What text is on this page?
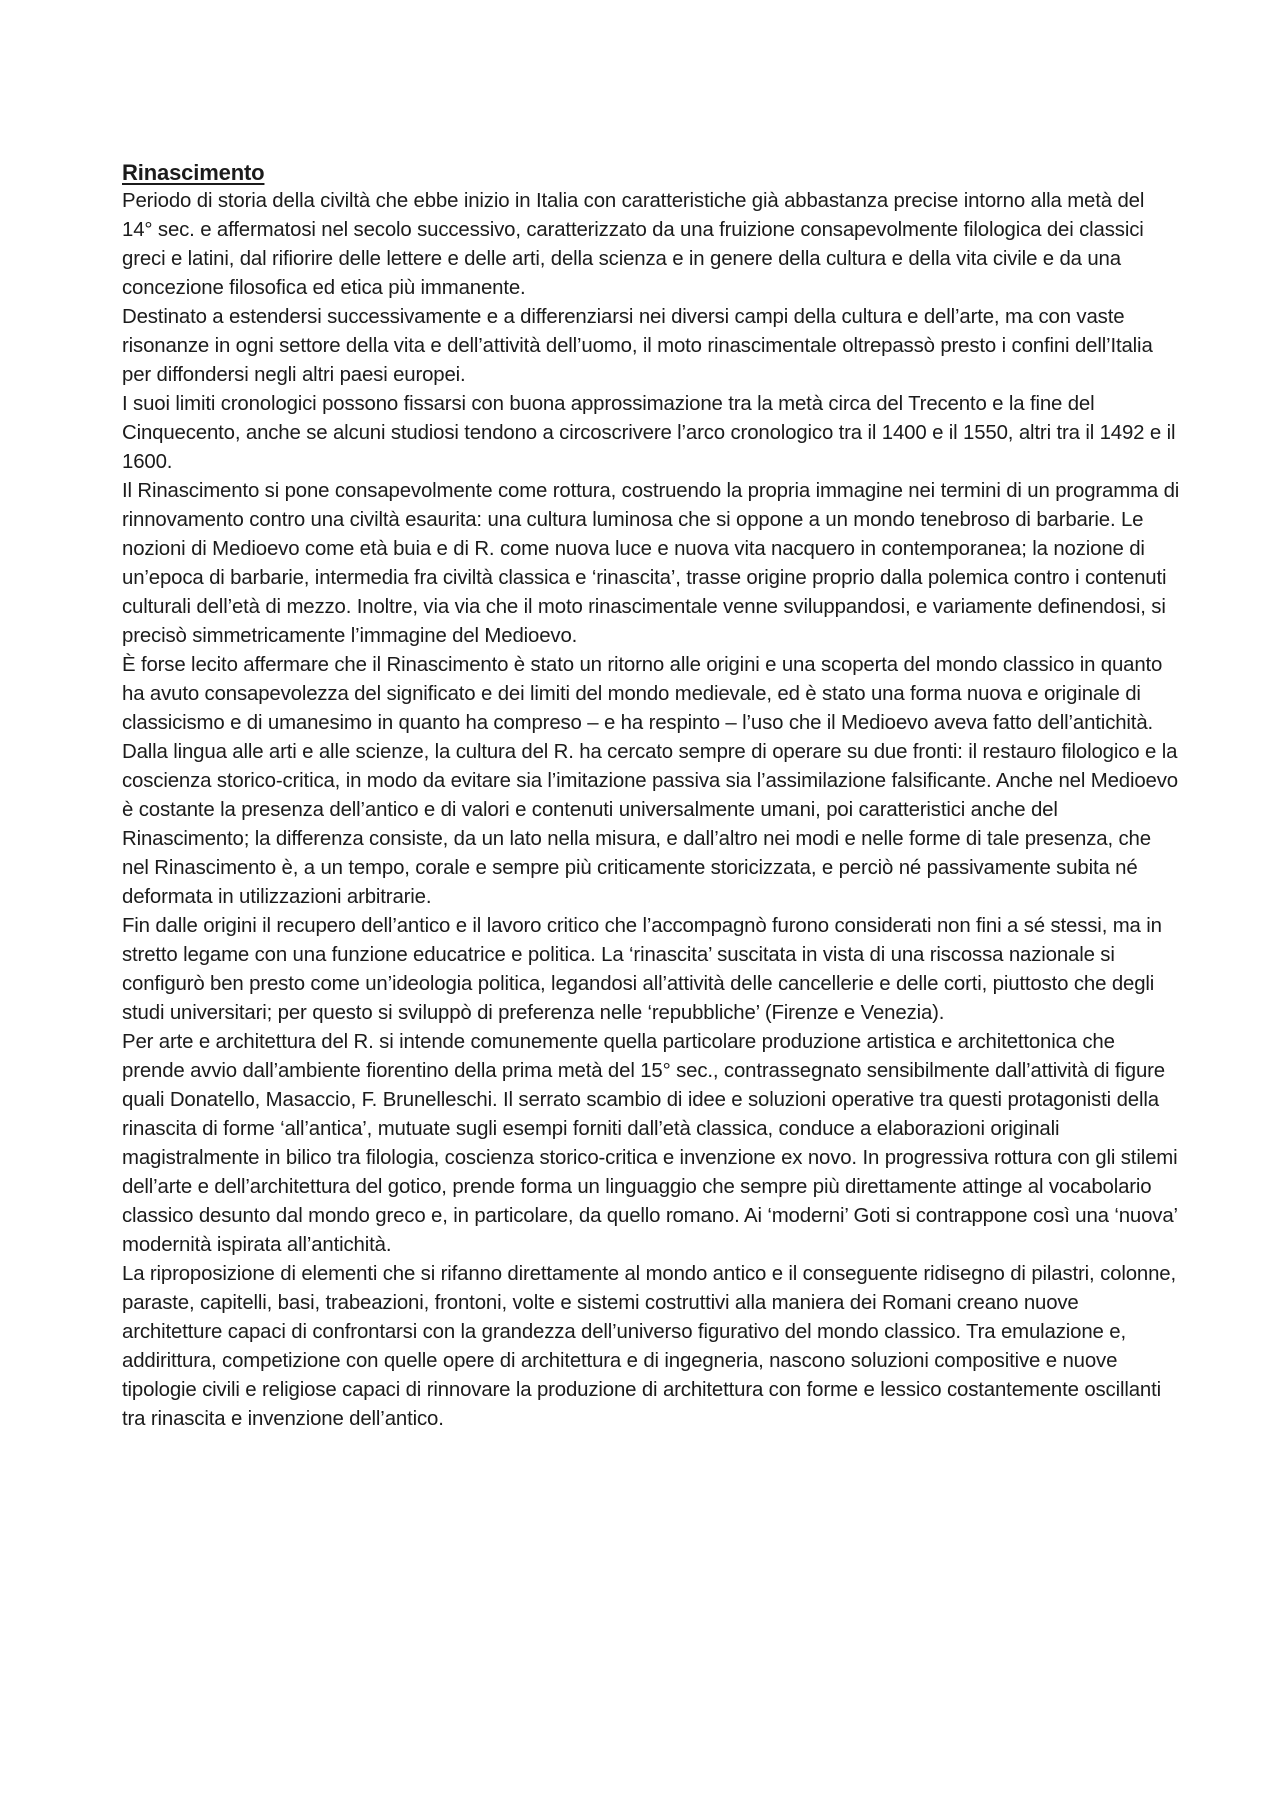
Rinascimento

Periodo di storia della civiltà che ebbe inizio in Italia con caratteristiche già abbastanza precise intorno alla metà del 14° sec. e affermatosi nel secolo successivo, caratterizzato da una fruizione consapevolmente filologica dei classici greci e latini, dal rifiorire delle lettere e delle arti, della scienza e in genere della cultura e della vita civile e da una concezione filosofica ed etica più immanente.

Destinato a estendersi successivamente e a differenziarsi nei diversi campi della cultura e dell’arte, ma con vaste risonanze in ogni settore della vita e dell’attività dell’uomo, il moto rinascimentale oltrepassò presto i confini dell’Italia per diffondersi negli altri paesi europei.

I suoi limiti cronologici possono fissarsi con buona approssimazione tra la metà circa del Trecento e la fine del Cinquecento, anche se alcuni studiosi tendono a circoscrivere l’arco cronologico tra il 1400 e il 1550, altri tra il 1492 e il 1600.

Il Rinascimento si pone consapevolmente come rottura, costruendo la propria immagine nei termini di un programma di rinnovamento contro una civiltà esaurita: una cultura luminosa che si oppone a un mondo tenebroso di barbarie. Le nozioni di Medioevo come età buia e di R. come nuova luce e nuova vita nacquero in contemporanea; la nozione di un’epoca di barbarie, intermedia fra civiltà classica e ‘rinascita’, trasse origine proprio dalla polemica contro i contenuti culturali dell’età di mezzo. Inoltre, via via che il moto rinascimentale venne sviluppandosi, e variamente definendosi, si precisò simmetricamente l’immagine del Medioevo.

È forse lecito affermare che il Rinascimento è stato un ritorno alle origini e una scoperta del mondo classico in quanto ha avuto consapevolezza del significato e dei limiti del mondo medievale, ed è stato una forma nuova e originale di classicismo e di umanesimo in quanto ha compreso – e ha respinto – l’uso che il Medioevo aveva fatto dell’antichità. Dalla lingua alle arti e alle scienze, la cultura del R. ha cercato sempre di operare su due fronti: il restauro filologico e la coscienza storico-critica, in modo da evitare sia l’imitazione passiva sia l’assimilazione falsificante. Anche nel Medioevo è costante la presenza dell’antico e di valori e contenuti universalmente umani, poi caratteristici anche del Rinascimento; la differenza consiste, da un lato nella misura, e dall’altro nei modi e nelle forme di tale presenza, che nel Rinascimento è, a un tempo, corale e sempre più criticamente storicizzata, e perciò né passivamente subita né deformata in utilizzazioni arbitrarie.

Fin dalle origini il recupero dell’antico e il lavoro critico che l’accompagnò furono considerati non fini a sé stessi, ma in stretto legame con una funzione educatrice e politica. La ‘rinascita’ suscitata in vista di una riscossa nazionale si configurò ben presto come un’ideologia politica, legandosi all’attività delle cancellerie e delle corti, piuttosto che degli studi universitari; per questo si sviluppò di preferenza nelle ‘repubbliche’ (Firenze e Venezia).

Per arte e architettura del R. si intende comunemente quella particolare produzione artistica e architettonica che prende avvio dall’ambiente fiorentino della prima metà del 15° sec., contrassegnato sensibilmente dall’attività di figure quali Donatello, Masaccio, F. Brunelleschi. Il serrato scambio di idee e soluzioni operative tra questi protagonisti della rinascita di forme ‘all’antica’, mutuate sugli esempi forniti dall’età classica, conduce a elaborazioni originali magistralmente in bilico tra filologia, coscienza storico-critica e invenzione ex novo. In progressiva rottura con gli stilemi dell’arte e dell’architettura del gotico, prende forma un linguaggio che sempre più direttamente attinge al vocabolario classico desunto dal mondo greco e, in particolare, da quello romano. Ai ‘moderni’ Goti si contrappone così una ‘nuova’ modernità ispirata all’antichità.

La riproposizione di elementi che si rifanno direttamente al mondo antico e il conseguente ridisegno di pilastri, colonne, paraste, capitelli, basi, trabeazioni, frontoni, volte e sistemi costruttivi alla maniera dei Romani creano nuove architetture capaci di confrontarsi con la grandezza dell’universo figurativo del mondo classico. Tra emulazione e, addirittura, competizione con quelle opere di architettura e di ingegneria, nascono soluzioni compositive e nuove tipologie civili e religiose capaci di rinnovare la produzione di architettura con forme e lessico costantemente oscillanti tra rinascita e invenzione dell’antico.
